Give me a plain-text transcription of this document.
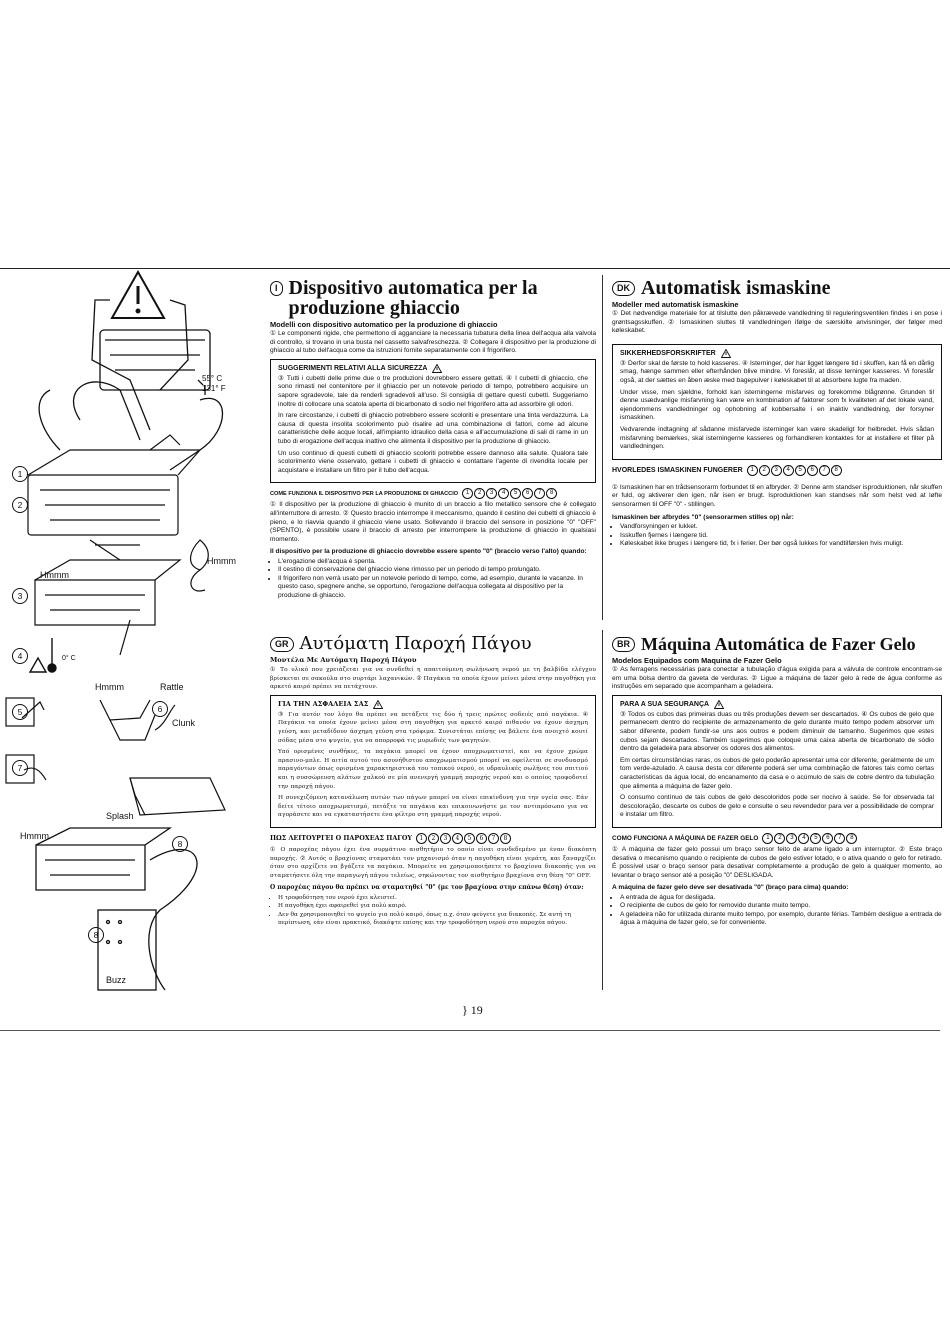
55° C
131° F
Hmmm
Hmmm
Hmmm	Rattle
Clunk
Splash
Hmmm
Buzz
0° C
1
2
3
4
5	6
7
8
8
I Dispositivo automatica per la produzione ghiaccio
Modelli con dispositivo automatico per la produzione di ghiaccio
① Le componenti rigide, che permettono di agganciare la necessaria tubatura della linea dell'acqua alla valvola di controllo, si trovano in una busta nel cassetto salvafreschezza. ② Collegare il dispositivo per la produzione di ghiaccio al tubo dell'acqua come da istruzioni fornite separatamente con il frigorifero.
SUGGERIMENTI RELATIVI ALLA SICUREZZA
③ Tutti i cubetti delle prime due o tre produzioni dovrebbero essere gettati. ④ I cubetti di ghiaccio, che sono rimasti nel contenitore per il ghiaccio per un notevole periodo di tempo, potrebbero acquisire un sapore sgradevole, tale da renderli sgradevoli all'uso. Si consiglia di gettare questi cubetti. Suggeriamo inoltre di collocare una scatola aperta di bicarbonato di sodio nel frigorifero atta ad assorbire gli odori.
In rare circostanze, i cubetti di ghiaccio potrebbero essere scoloriti e presentare una tinta verdazzurra. La causa di questa insolita scolorimento può risalire ad una combinazione di fattori, come ad alcune caratteristiche delle acque locali, all'impianto idraulico della casa e all'accumulazione di sali di rame in un tubo di erogazione dell'acqua inattivo che alimenta il dispositivo per la produzione di ghiaccio.
Un uso continuo di questi cubetti di ghiaccio scoloriti potrebbe essere dannoso alla salute. Qualora tale scolorimento viene osservato, gettare i cubetti di ghiaccio e contattare l'agente di rivendita locale per acquistare e installare un filtro per il tubo dell'acqua.
COME FUNZIONA IL DISPOSITIVO PER LA PRODUZIONE DI GHIACCIO	1	2	3	4	5	6	7	8
① Il dispositivo per la produzione di ghiaccio è munito di un braccio a filo metallico sensore che è collegato all'interruttore di arresto. ② Questo braccio interrompe il meccanismo, quando il cestino dei cubetti di ghiaccio è pieno, e lo riavvia quando il ghiaccio viene usato. Sollevando il braccio del sensore in posizione "0" "OFF" (SPENTO), è possibile usare il braccio di arresto per interrompere la produzione di ghiaccio in qualsiasi momento.
Il dispositivo per la produzione di ghiaccio dovrebbe essere spento "0" (braccio verso l'alto) quando:
• L'erogazione dell'acqua è spenta.
• Il cestino di conservazione del ghiaccio viene rimosso per un periodo di tempo prolungato.
• Il frigorifero non verrà usato per un notevole periodo di tempo, come, ad esempio, durante le vacanze. In questo caso, spegnere anche, se opportuno, l'erogazione dell'acqua collegata al dispositivo per la produzione di ghiaccio.
DK Automatisk ismaskine
Modeller med automatisk ismaskine
① Det nødvendige materiale for at tilslutte den påkrævede vandledning til reguleringsventilen findes i en pose i grøntsagsskuffen. ② Ismaskinen sluttes til vandledningen ifølge de særskilte anvisninger, der følger med køleskabet.
SIKKERHEDSFORSKRIFTER
③ Derfor skal de første to hold kasseres. ④ Isterninger, der har ligget længere tid i skuffen, kan få en dårlig smag, hænge sammen eller efterhånden blive mindre. Vi foreslår, at disse terninger kasseres. Vi foreslår også, at der sættes en åben æske med bagepulver i køleskabet til at absorbere lugte fra maden.
Under visse, men sjældne, forhold kan isterningerne misfarves og forekomme blågrønne. Grunden til denne usædvanlige misfarvning kan være en kombination af faktorer som fx kvaliteten af det lokale vand, ejendommens vandledninger og ophobning af kobbersalte i en inaktiv vandledning, der forsyner ismaskinen.
Vedvarende indtagning af sådanne misfarvede isterninger kan være skadeligt for helbredet. Hvis sådan misfarvning bemærkes, skal isterningerne kasseres og forhandleren kontaktes for at installere et filter på vandledningen.
HVORLEDES ISMASKINEN FUNGERER	1	2	3	4	5	6	7	8
① Ismaskinen har en trådsensorarm forbundet til en afbryder. ② Denne arm standser isproduktionen, når skuffen er fuld, og aktiverer den igen, når isen er brugt. Isproduktionen kan standses når som helst ved at løfte sensorarmen til OFF "0" - stillingen.
Ismaskinen bør afbrydes "0" (sensorarmen stilles op) når:
• Vandforsyningen er lukket.
• Isskuffen fjernes i længere tid.
• Køleskabet ikke bruges i længere tid, fx i ferier. Der bør også lukkes for vandtilførslen hvis muligt.
GR Αυτόματη Παροχή Πάγου
Μοντέλα Με Αυτόματη Παροχή Πάγου
① Το υλικό που χρειάζεται για να συνδεθεί η απαιτούμενη σωλήνωση νερού με τη βαλβίδα ελέγχου βρίσκεται σε σακούλα στο συρτάρι λαχανικών. ② Παγάκια τα οποία έχουν μείνει μέσα στην παγοθήκη για αρκετό καιρό πρέπει να πετάχτουν.
ΓΙΑ ΤΗΝ ΑΣΦΑΛΕΙΑ ΣΑΣ
③ Για αυτόν τον λόγο θα πρέπει να πετάξετε τις δύο ή τρεις πρώτες σοδειές από παγάκια. ④ Παγάκια τα οποία έχουν μείνει μέσα στη παγοθήκη για αρκετό καιρό πιθανόν να έχουν άσχημη γεύση, και μεταδίδουν άσχημη γεύση στα τρόφιμα. Συνιστάται επίσης να βάλετε ένα ανοιχτό κουτί σόδας μέσα στο ψυγείο, για να απορροφά τις μυρωδιές των φαγητών.
Υπό ορισμένες συνθήκες, τα παγάκια μπορεί να έχουν αποχρωματιστεί, και να έχουν χρώμα πρασινο-μπλε. Η αιτία αυτού του ασυνήθιστου αποχρωματισμού μπορεί να οφείλεται σε συνδυασμό παραγόντων όπως ορισμένα χαρακτηριστικά του τοπικού νερού, οι υδραυλικές σωλήνες του σπιτιού και η συσσώρευση αλάτων χαλκού σε μία ανενεργή γραμμή παροχής νερού και ο οποίος τροφοδοτεί την παροχή πάγου.
Η συνεχιζόμενη κατανάλωση αυτών των πάγων μπορεί να είναι επικίνδυνη για την υγεία σας. Εάν δείτε τέτοιο αποχρωματισμό, πετάξτε τα παγάκια και επικοινωνήστε με τον αντιπρόσωπο για να αγοράσετε και να εγκαταστήσετε ένα φίλτρο στη γραμμή παροχής νερού.
ΠΩΣ ΛΕΙΤΟΥΡΓΕΙ Ο ΠΑΡΟΧΕΑΣ ΠΑΓΟΥ	1	2	3	4	5	6	7	8
① Ο παροχέας πάγου έχει ένα συρμάτινο αισθητήριο το οποίο είναι συνδεδεμένο με έναν διακόπτη παροχής. ② Αυτός ο βραχίονας σταματάει τον μηχανισμό όταν η παγοθήκη είναι γεμάτη, και ξαναρχίζει όταν στο αρχίζετε να βγάζετε τα παγάκια. Μπορείτε να χρησιμοποιήσετε το βραχίονα διακοπής για να σταματήσετε όλη την παραγωγή πάγου τελείως, σηκώνοντας τον αισθητήριο βραχίονα στη θέση "0" OFF.
Ο παροχέας πάγου θα πρέπει να σταματηθεί "0" (με τον βραχίονα στην επάνω θέση) όταν:
• Η τροφοδότηση του νερού έχει κλειστεί.
• Η παγοθήκη έχει αφαιρεθεί για πολύ καιρό.
• Δεν θα χρησιμοποιηθεί το ψυγείο για πολύ καιρό, όπως π.χ. όταν φεύγετε για διακοπές. Σε αυτή τη περίπτωση, εάν είναι πρακτικό, διακόψτε επίσης και την τροφοδότηση νερού στο παροχέα πάγου.
BR Máquina Automática de Fazer Gelo
Modelos Equipados com Maquina de Fazer Gelo
① As ferragens necessárias para conectar a tubulação d'água exigida para a válvula de controle encontram-se em uma bolsa dentro da gaveta de verduras. ② Ligue a máquina de fazer gelo à rede de água conforme as instruções em separado que acompanham a geladeira.
PARA A SUA SEGURANÇA
③ Todos os cubos das primeiras duas ou três produções devem ser descartados. ④ Os cubos de gelo que permanecem dentro do recipiente de armazenamento de gelo durante muito tempo podem absorver um sabor diferente, podem fundir-se uns aos outros e podem diminuir de tamanho. Sugerimos que estes cubos sejam descartados. Também sugerimos que coloque uma caixa aberta de bicarbonato de sódio dentro da geladeira para absorver os odores dos alimentos.
Em certas circunstâncias raras, os cubos de gelo poderão apresentar uma cor diferente, geralmente de um tom verde-azulado. A causa desta cor diferente poderá ser uma combinação de fatores tais como certas características da água local, do encanamento da casa e o acúmulo de sais de cobre dentro da tubulação que alimenta a máquina de fazer gelo.
O consumo contínuo de tais cubos de gelo descoloridos pode ser nocivo à saúde. Se for observada tal descoloração, descarte os cubos de gelo e consulte o seu revendedor para ver a possibilidade de comprar e instalar um filtro.
COMO FUNCIONA A MÁQUINA DE FAZER GELO	1	2	3	4	5	6	7	8
① A máquina de fazer gelo possui um braço sensor feito de arame ligado a um interruptor. ② Este braço desativa o mecanismo quando o recipiente de cubos de gelo estiver lotado, e o ativa quando o gelo for retirado. É possível usar o braço sensor para desativar completamente a produção de gelo a qualquer momento, ao levantar o braço sensor até a posição "0" DESLIGADA.
A máquina de fazer gelo deve ser desativada "0" (braço para cima) quando:
• A entrada de água for desligada.
• O recipiente de cubos de gelo for removido durante muito tempo.
• A geladeira não for utilizada durante muito tempo, por exemplo, durante férias. Também desligue a entrada de água à máquina de fazer gelo, se for conveniente.
} 19
